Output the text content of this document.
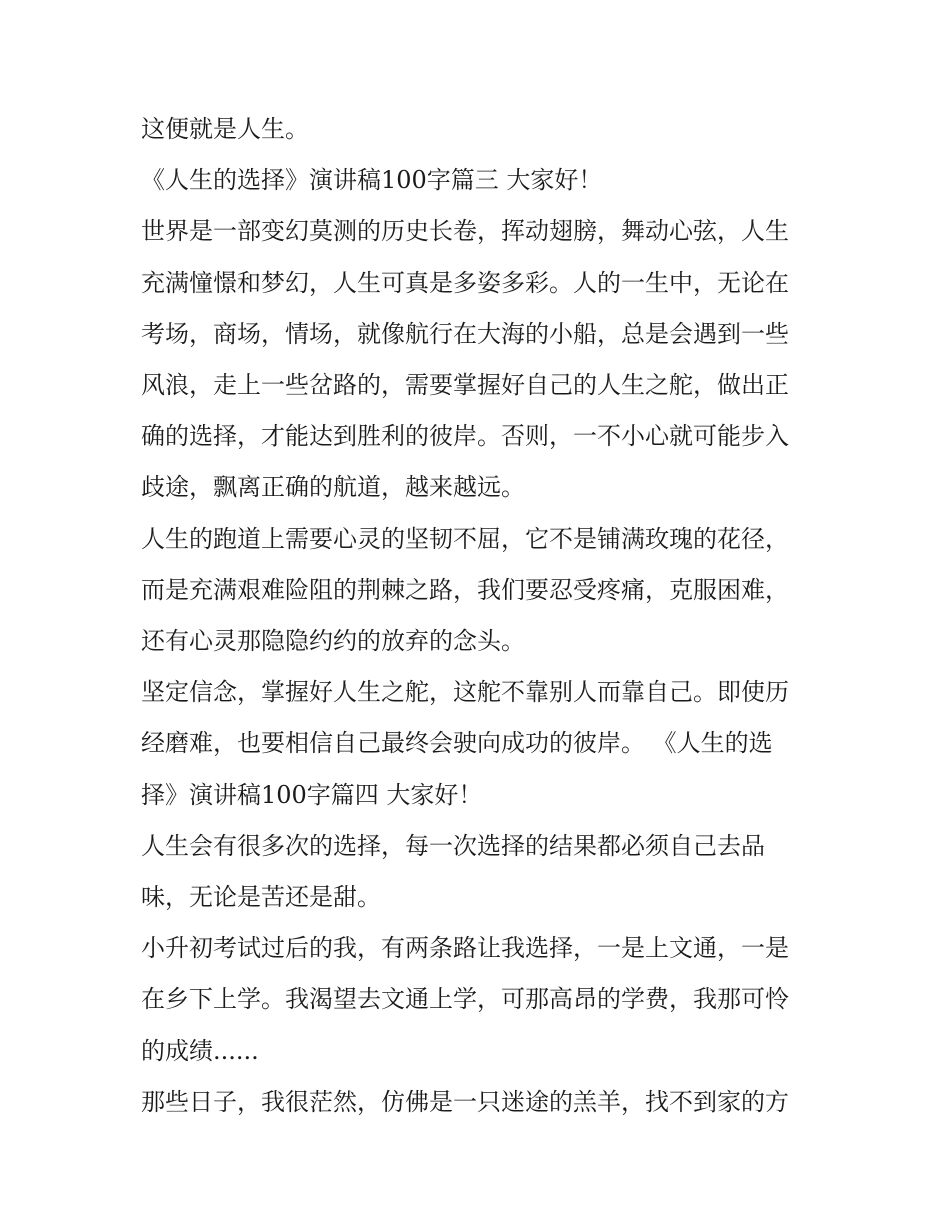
这便就是人生。

《人生的选择》演讲稿100字篇三 大家好！

世界是一部变幻莫测的历史长卷，挥动翅膀，舞动心弦，人生

充满憧憬和梦幻，人生可真是多姿多彩。人的一生中，无论在

考场，商场，情场，就像航行在大海的小船，总是会遇到一些

风浪，走上一些岔路的，需要掌握好自己的人生之舵，做出正

确的选择，才能达到胜利的彼岸。否则，一不小心就可能步入

歧途，飘离正确的航道，越来越远。

人生的跑道上需要心灵的坚韧不屈，它不是铺满玫瑰的花径，

而是充满艰难险阻的荆棘之路，我们要忍受疼痛，克服困难，

还有心灵那隐隐约约的放弃的念头。

坚定信念，掌握好人生之舵，这舵不靠别人而靠自己。即使历

经磨难，也要相信自己最终会驶向成功的彼岸。 《人生的选

择》演讲稿100字篇四 大家好！

人生会有很多次的选择，每一次选择的结果都必须自己去品

味，无论是苦还是甜。

小升初考试过后的我，有两条路让我选择，一是上文通，一是

在乡下上学。我渴望去文通上学，可那高昂的学费，我那可怜

的成绩......

那些日子，我很茫然，仿佛是一只迷途的羔羊，找不到家的方
